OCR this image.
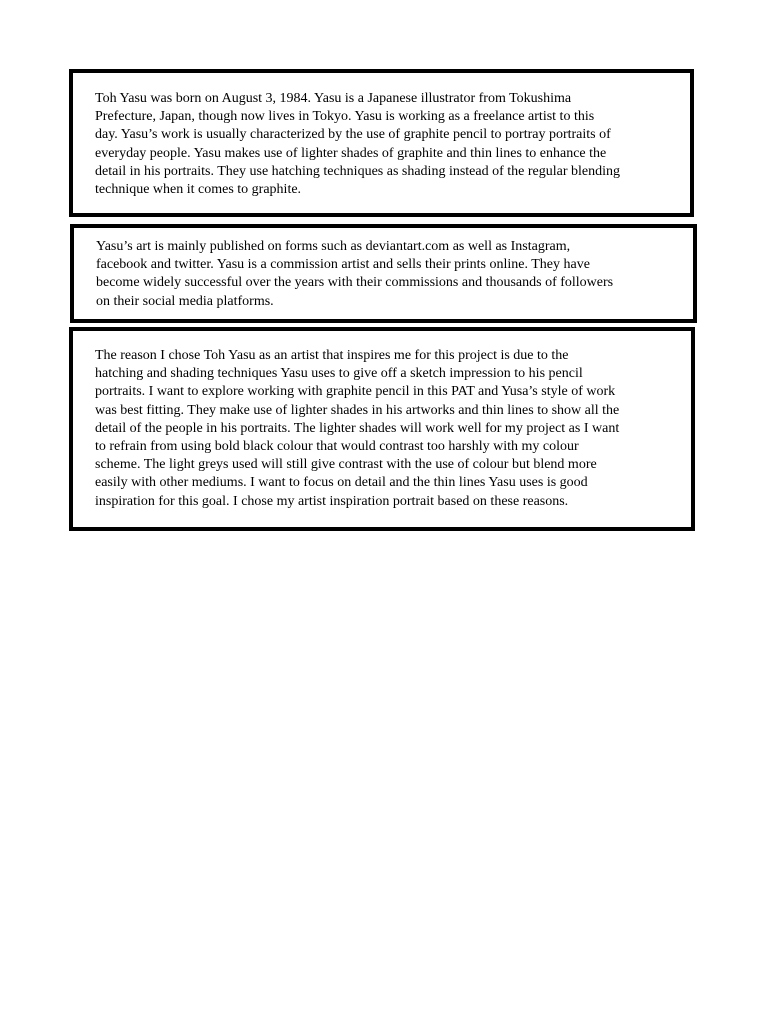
Toh Yasu was born on August 3, 1984. Yasu is a Japanese illustrator from Tokushima
Prefecture, Japan, though now lives in Tokyo. Yasu is working as a freelance artist to this
day. Yasu’s work is usually characterized by the use of graphite pencil to portray portraits of
everyday people. Yasu makes use of lighter shades of graphite and thin lines to enhance the
detail in his portraits. They use hatching techniques as shading instead of the regular blending
technique when it comes to graphite.

Yasu’s art is mainly published on forms such as deviantart.com as well as Instagram,
facebook and twitter. Yasu is a commission artist and sells their prints online. They have
become widely successful over the years with their commissions and thousands of followers
on their social media platforms.

The reason I chose Toh Yasu as an artist that inspires me for this project is due to the
hatching and shading techniques Yasu uses to give off a sketch impression to his pencil
portraits. I want to explore working with graphite pencil in this PAT and Yusa’s style of work
was best fitting. They make use of lighter shades in his artworks and thin lines to show all the
detail of the people in his portraits. The lighter shades will work well for my project as I want
to refrain from using bold black colour that would contrast too harshly with my colour
scheme. The light greys used will still give contrast with the use of colour but blend more
easily with other mediums. I want to focus on detail and the thin lines Yasu uses is good
inspiration for this goal. I chose my artist inspiration portrait based on these reasons.
